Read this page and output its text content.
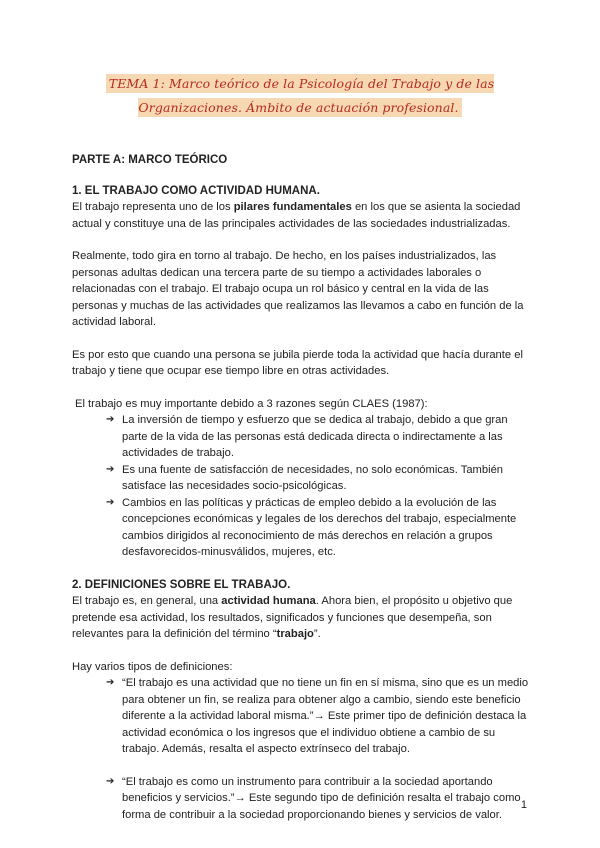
TEMA 1: Marco teórico de la Psicología del Trabajo y de las Organizaciones. Ámbito de actuación profesional.

PARTE A: MARCO TEÓRICO

1. EL TRABAJO COMO ACTIVIDAD HUMANA.

El trabajo representa uno de los pilares fundamentales en los que se asienta la sociedad actual y constituye una de las principales actividades de las sociedades industrializadas.

Realmente, todo gira en torno al trabajo. De hecho, en los países industrializados, las personas adultas dedican una tercera parte de su tiempo a actividades laborales o relacionadas con el trabajo. El trabajo ocupa un rol básico y central en la vida de las personas y muchas de las actividades que realizamos las llevamos a cabo en función de la actividad laboral.

Es por esto que cuando una persona se jubila pierde toda la actividad que hacía durante el trabajo y tiene que ocupar ese tiempo libre en otras actividades.

El trabajo es muy importante debido a 3 razones según CLAES (1987):

➔ La inversión de tiempo y esfuerzo que se dedica al trabajo, debido a que gran parte de la vida de las personas está dedicada directa o indirectamente a las actividades de trabajo.
➔ Es una fuente de satisfacción de necesidades, no solo económicas. También satisface las necesidades socio-psicológicas.
➔ Cambios en las políticas y prácticas de empleo debido a la evolución de las concepciones económicas y legales de los derechos del trabajo, especialmente cambios dirigidos al reconocimiento de más derechos en relación a grupos desfavorecidos-minusválidos, mujeres, etc.

2. DEFINICIONES SOBRE EL TRABAJO.

El trabajo es, en general, una actividad humana. Ahora bien, el propósito u objetivo que pretende esa actividad, los resultados, significados y funciones que desempeña, son relevantes para la definición del término “trabajo”.

Hay varios tipos de definiciones:

➔ “El trabajo es una actividad que no tiene un fin en sí misma, sino que es un medio para obtener un fin, se realiza para obtener algo a cambio, siendo este beneficio diferente a la actividad laboral misma.”→ Este primer tipo de definición destaca la actividad económica o los ingresos que el individuo obtiene a cambio de su trabajo. Además, resalta el aspecto extrínseco del trabajo.
➔ “El trabajo es como un instrumento para contribuir a la sociedad aportando beneficios y servicios.”→ Este segundo tipo de definición resalta el trabajo como forma de contribuir a la sociedad proporcionando bienes y servicios de valor.
1
